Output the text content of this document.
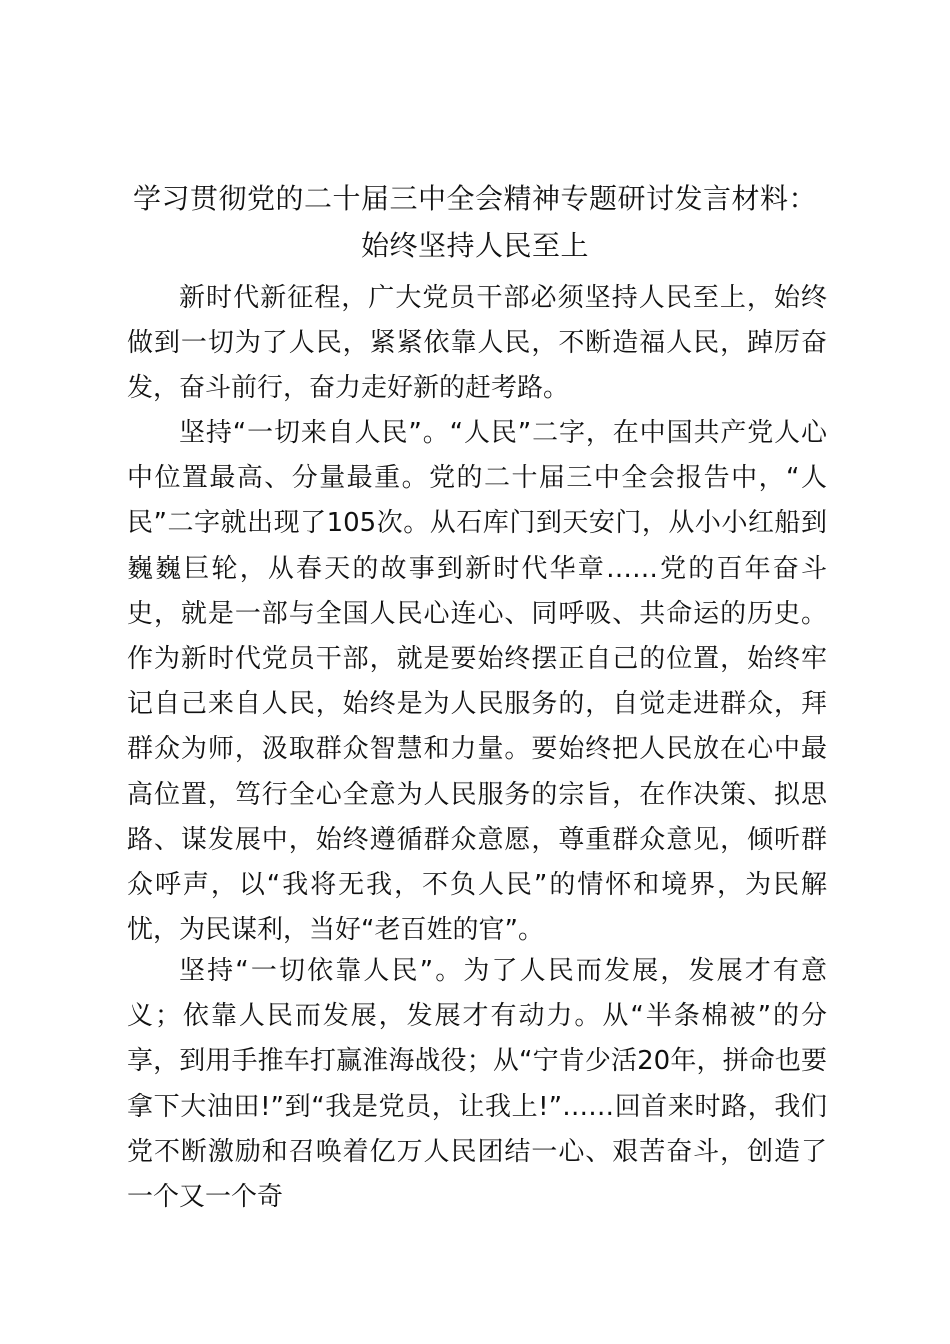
学习贯彻党的二十届三中全会精神专题研讨发言材料：
始终坚持人民至上

新时代新征程，广大党员干部必须坚持人民至上，始终做到一切为了人民，紧紧依靠人民，不断造福人民，踔厉奋发，奋斗前行，奋力走好新的赶考路。

坚持“一切来自人民”。“人民”二字，在中国共产党人心中位置最高、分量最重。党的二十届三中全会报告中，“人民”二字就出现了105次。从石库门到天安门，从小小红船到巍巍巨轮，从春天的故事到新时代华章……党的百年奋斗史，就是一部与全国人民心连心、同呼吸、共命运的历史。作为新时代党员干部，就是要始终摆正自己的位置，始终牢记自己来自人民，始终是为人民服务的，自觉走进群众，拜群众为师，汲取群众智慧和力量。要始终把人民放在心中最高位置，笃行全心全意为人民服务的宗旨，在作决策、拟思路、谋发展中，始终遵循群众意愿，尊重群众意见，倾听群众呼声，以“我将无我，不负人民”的情怀和境界，为民解忧，为民谋利，当好“老百姓的官”。

坚持“一切依靠人民”。为了人民而发展，发展才有意义；依靠人民而发展，发展才有动力。从“半条棉被”的分享，到用手推车打赢淮海战役；从“宁肯少活20年，拼命也要拿下大油田!”到“我是党员，让我上!”……回首来时路，我们党不断激励和召唤着亿万人民团结一心、艰苦奋斗，创造了一个又一个奇
